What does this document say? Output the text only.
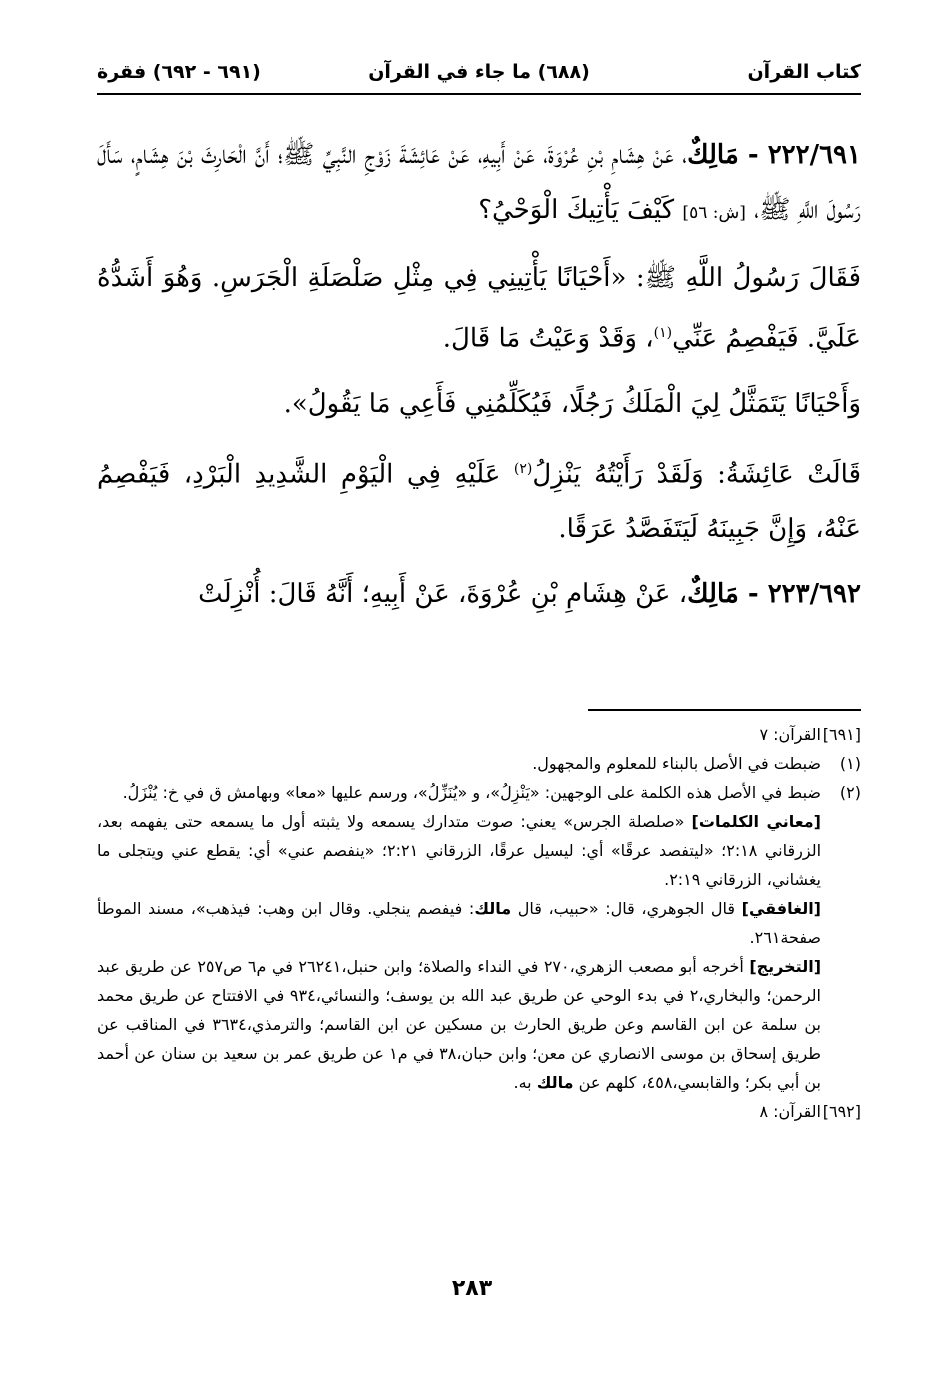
كتاب القرآن
(٦٨٨) ما جاء في القرآن
(٦٩١ - ٦٩٢) فقرة

٢٢٢/٦٩١ - مَالِكٌ، عَنْ هِشَامِ بْنِ عُرْوَةَ، عَنْ أَبِيهِ، عَنْ عَائِشَةَ زَوْجِ النَّبِيِّ ﷺ؛ أَنَّ الْحَارِثَ بْنَ هِشَامٍ، سَأَلَ رَسُولَ اللَّهِ ﷺ، [ش: ٥٦] كَيْفَ يَأْتِيكَ الْوَحْيُ؟

فَقَالَ رَسُولُ اللَّهِ ﷺ: «أَحْيَانًا يَأْتِينِي فِي مِثْلِ صَلْصَلَةِ الْجَرَسِ. وَهُوَ أَشَدُّهُ عَلَيَّ. فَيَفْصِمُ عَنِّي$^{(١)}$، وَقَدْ وَعَيْتُ مَا قَالَ.

وَأَحْيَانًا يَتَمَثَّلُ لِيَ الْمَلَكُ رَجُلًا، فَيُكَلِّمُنِي فَأَعِي مَا يَقُولُ».

قَالَتْ عَائِشَةُ: وَلَقَدْ رَأَيْتُهُ يَنْزِلُ$^{(٢)}$ عَلَيْهِ فِي الْيَوْمِ الشَّدِيدِ الْبَرْدِ، فَيَفْصِمُ عَنْهُ، وَإِنَّ جَبِينَهُ لَيَتَفَصَّدُ عَرَقًا.

٢٢٣/٦٩٢ - مَالِكٌ، عَنْ هِشَامِ بْنِ عُرْوَةَ، عَنْ أَبِيهِ؛ أَنَّهُ قَالَ: أُنْزِلَتْ

[٦٩١]
القرآن: ٧

(١)
ضبطت في الأصل بالبناء للمعلوم والمجهول.

(٢)
ضبط في الأصل هذه الكلمة على الوجهين: «يَنْزِلُ»، و «يُنَزِّلُ»، ورسم عليها «معا» وبهامش ق في خ: يُنْزَلُ.

[معاني الكلمات] «صلصلة الجرس» يعني: صوت متدارك يسمعه ولا يثبته أول ما يسمعه حتى يفهمه بعد، الزرقاني ٢:١٨؛ «ليتفصد عرقًا» أي: ليسيل عرقًا، الزرقاني ٢:٢١؛ «ينفصم عني» أي: يقطع عني ويتجلى ما يغشاني، الزرقاني ٢:١٩.

[الغافقي] قال الجوهري، قال: «حبيب، قال مالك: فيفصم ينجلي. وقال ابن وهب: فيذهب»، مسند الموطأ صفحة٢٦١.

[التخريج] أخرجه أبو مصعب الزهري،٢٧٠ في النداء والصلاة؛ وابن حنبل،٢٦٢٤١ في م٦ ص٢٥٧ عن طريق عبد الرحمن؛ والبخاري،٢ في بدء الوحي عن طريق عبد الله بن يوسف؛ والنسائي،٩٣٤ في الافتتاح عن طريق محمد بن سلمة عن ابن القاسم وعن طريق الحارث بن مسكين عن ابن القاسم؛ والترمذي،٣٦٣٤ في المناقب عن طريق إسحاق بن موسى الانصاري عن معن؛ وابن حبان،٣٨ في م١ عن طريق عمر بن سعيد بن سنان عن أحمد بن أبي بكر؛ والقابسي،٤٥٨، كلهم عن مالك به.

[٦٩٢]
القرآن: ٨

٢٨٣
